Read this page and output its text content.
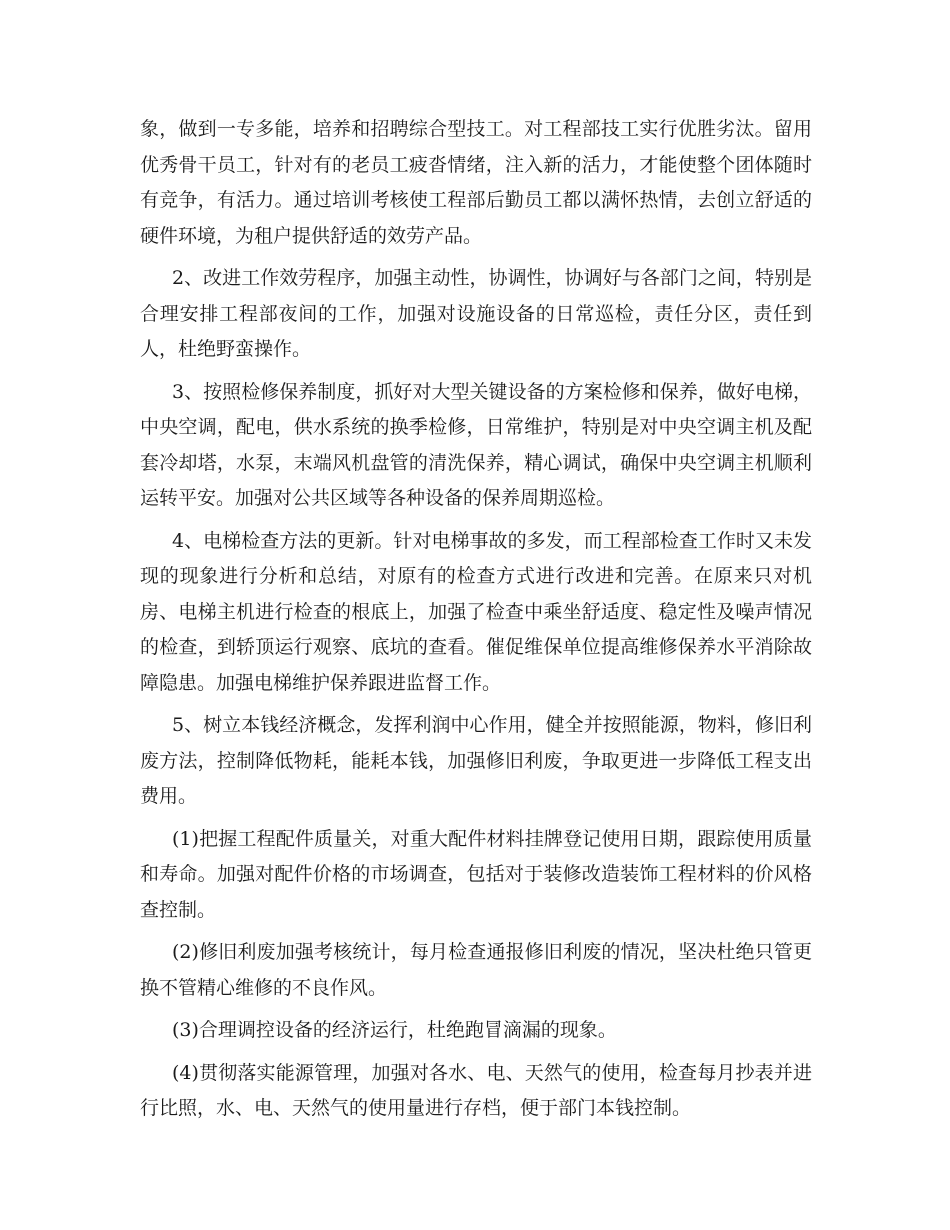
象，做到一专多能，培养和招聘综合型技工。对工程部技工实行优胜劣汰。留用优秀骨干员工，针对有的老员工疲沓情绪，注入新的活力，才能使整个团体随时有竞争，有活力。通过培训考核使工程部后勤员工都以满怀热情，去创立舒适的硬件环境，为租户提供舒适的效劳产品。

2、改进工作效劳程序，加强主动性，协调性，协调好与各部门之间，特别是合理安排工程部夜间的工作，加强对设施设备的日常巡检，责任分区，责任到人，杜绝野蛮操作。

3、按照检修保养制度，抓好对大型关键设备的方案检修和保养，做好电梯，中央空调，配电，供水系统的换季检修，日常维护，特别是对中央空调主机及配套冷却塔，水泵，末端风机盘管的清洗保养，精心调试，确保中央空调主机顺利运转平安。加强对公共区域等各种设备的保养周期巡检。

4、电梯检查方法的更新。针对电梯事故的多发，而工程部检查工作时又未发现的现象进行分析和总结，对原有的检查方式进行改进和完善。在原来只对机房、电梯主机进行检查的根底上，加强了检查中乘坐舒适度、稳定性及噪声情况的检查，到轿顶运行观察、底坑的查看。催促维保单位提高维修保养水平消除故障隐患。加强电梯维护保养跟进监督工作。

5、树立本钱经济概念，发挥利润中心作用，健全并按照能源，物料，修旧利废方法，控制降低物耗，能耗本钱，加强修旧利废，争取更进一步降低工程支出费用。

(1)把握工程配件质量关，对重大配件材料挂牌登记使用日期，跟踪使用质量和寿命。加强对配件价格的市场调查，包括对于装修改造装饰工程材料的价风格查控制。

(2)修旧利废加强考核统计，每月检查通报修旧利废的情况，坚决杜绝只管更换不管精心维修的不良作风。

(3)合理调控设备的经济运行，杜绝跑冒滴漏的现象。

(4)贯彻落实能源管理，加强对各水、电、天然气的使用，检查每月抄表并进行比照，水、电、天然气的使用量进行存档，便于部门本钱控制。
